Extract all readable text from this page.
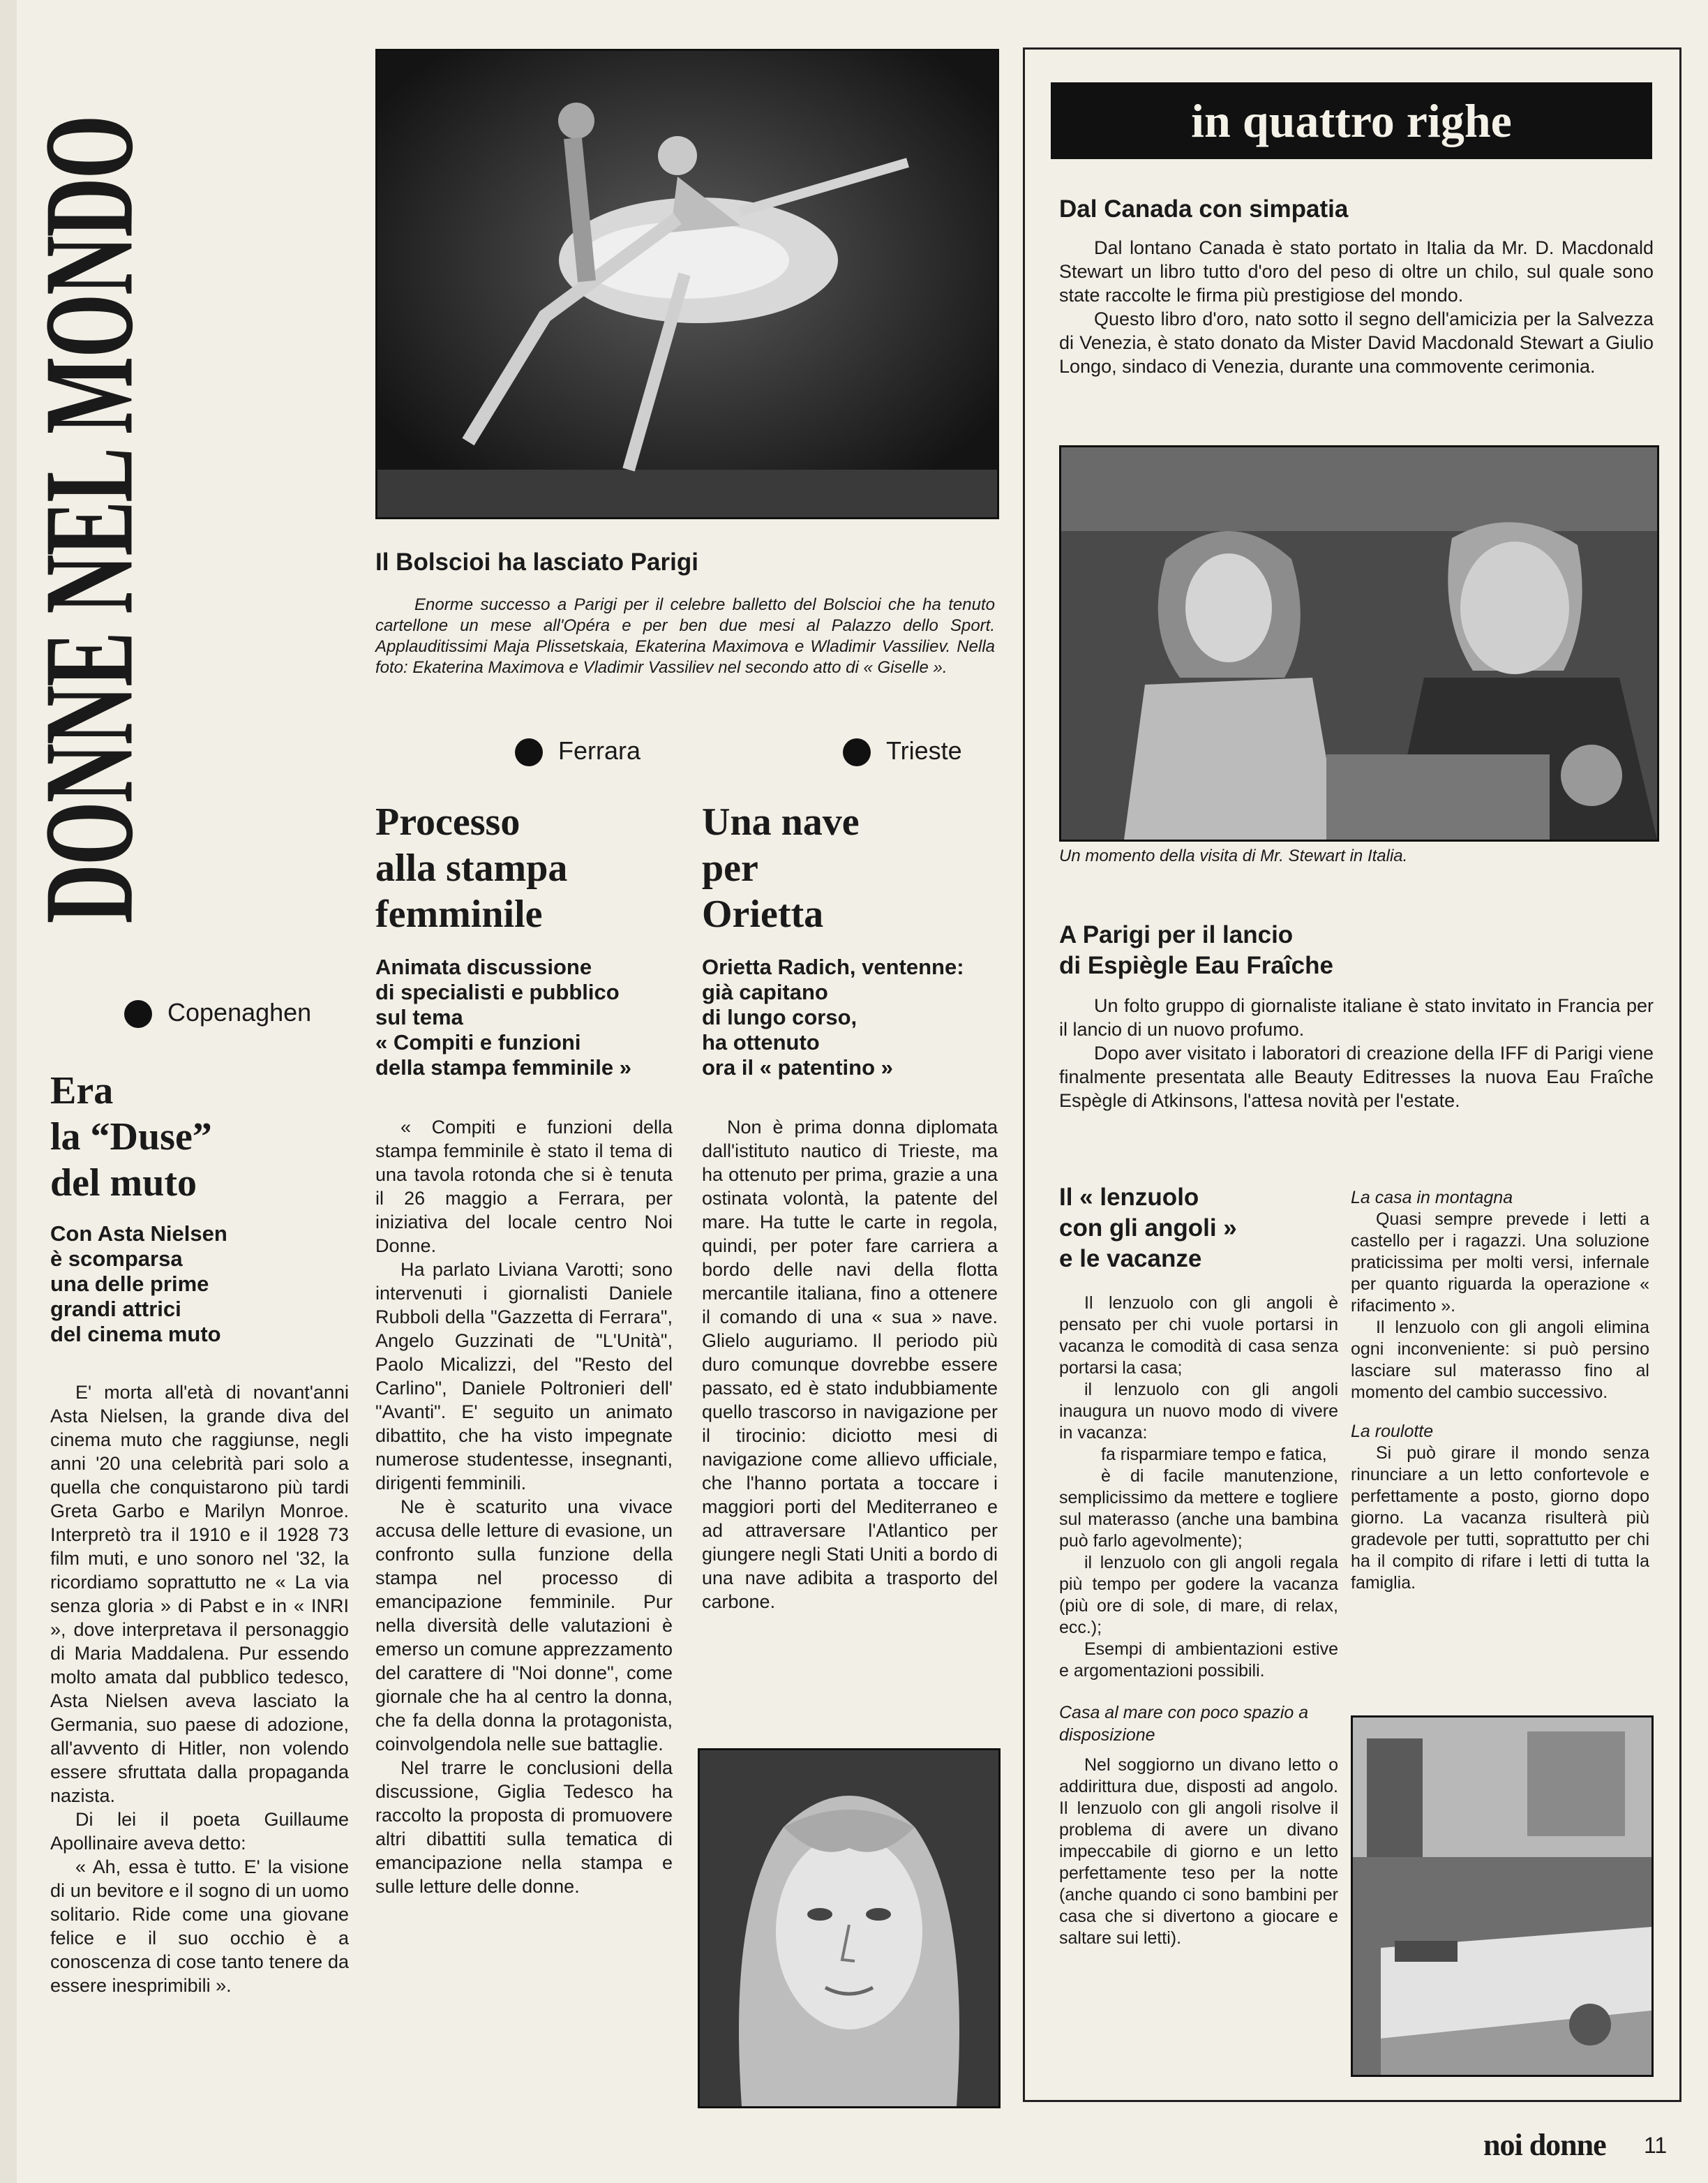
DONNE NEL MONDO
Copenaghen
Era
la “Duse”
del muto
Con Asta Nielsen
è scomparsa
una delle prime
grandi attrici
del cinema muto

E' morta all'età di novant'anni Asta Nielsen, la grande diva del cinema muto che raggiunse, negli anni '20 una celebrità pari solo a quella che conquistarono più tardi Greta Garbo e Marilyn Monroe. Interpretò tra il 1910 e il 1928 73 film muti, e uno sonoro nel '32, la ricordiamo soprattutto ne « La via senza gloria » di Pabst e in « INRI », dove interpretava il personaggio di Maria Maddalena. Pur essendo molto amata dal pubblico tedesco, Asta Nielsen aveva lasciato la Germania, suo paese di adozione, all'avvento di Hitler, non volendo essere sfruttata dalla propaganda nazista.

Di lei il poeta Guillaume Apollinaire aveva detto:

« Ah, essa è tutto. E' la visione di un bevitore e il sogno di un uomo solitario. Ride come una giovane felice e il suo occhio è a conoscenza di cose tanto tenere da essere inesprimibili ».

Il Bolscioi ha lasciato Parigi
Enorme successo a Parigi per il celebre balletto del Bolscioi che ha tenuto cartellone un mese all'Opéra e per ben due mesi al Palazzo dello Sport. Applauditissimi Maja Plissetskaia, Ekaterina Maximova e Wladimir Vassiliev. Nella foto: Ekaterina Maximova e Vladimir Vassiliev nel secondo atto di « Giselle ».
Ferrara	Trieste
Processo
alla stampa
femminile
Animata discussione
di specialisti e pubblico
sul tema
« Compiti e funzioni
della stampa femminile »

« Compiti e funzioni della stampa femminile è stato il tema di una tavola rotonda che si è tenuta il 26 maggio a Ferrara, per iniziativa del locale centro Noi Donne.

Ha parlato Liviana Varotti; sono intervenuti i giornalisti Daniele Rubboli della "Gazzetta di Ferrara", Angelo Guzzinati de "L'Unità", Paolo Micalizzi, del "Resto del Carlino", Daniele Poltronieri dell' "Avanti". E' seguito un animato dibattito, che ha visto impegnate numerose studentesse, insegnanti, dirigenti femminili.

Ne è scaturito una vivace accusa delle letture di evasione, un confronto sulla funzione della stampa nel processo di emancipazione femminile. Pur nella diversità delle valutazioni è emerso un comune apprezzamento del carattere di "Noi donne", come giornale che ha al centro la donna, che fa della donna la protagonista, coinvolgendola nelle sue battaglie.

Nel trarre le conclusioni della discussione, Giglia Tedesco ha raccolto la proposta di promuovere altri dibattiti sulla tematica di emancipazione nella stampa e sulle letture delle donne.

Una nave
per
Orietta
Orietta Radich, ventenne:
già capitano
di lungo corso,
ha ottenuto
ora il « patentino »

Non è prima donna diplomata dall'istituto nautico di Trieste, ma ha ottenuto per prima, grazie a una ostinata volontà, la patente del mare. Ha tutte le carte in regola, quindi, per poter fare carriera a bordo delle navi della flotta mercantile italiana, fino a ottenere il comando di una « sua » nave. Glielo auguriamo. Il periodo più duro comunque dovrebbe essere passato, ed è stato indubbiamente quello trascorso in navigazione per il tirocinio: diciotto mesi di navigazione come allievo ufficiale, che l'hanno portata a toccare i maggiori porti del Mediterraneo e ad attraversare l'Atlantico per giungere negli Stati Uniti a bordo di una nave adibita a trasporto del carbone.

in quattro righe
Dal Canada con simpatia

Dal lontano Canada è stato portato in Italia da Mr. D. Macdonald Stewart un libro tutto d'oro del peso di oltre un chilo, sul quale sono state raccolte le firma più prestigiose del mondo.

Questo libro d'oro, nato sotto il segno dell'amicizia per la Salvezza di Venezia, è stato donato da Mister David Macdonald Stewart a Giulio Longo, sindaco di Venezia, durante una commovente cerimonia.

Un momento della visita di Mr. Stewart in Italia.
A Parigi per il lancio
di Espiègle Eau Fraîche

Un folto gruppo di giornaliste italiane è stato invitato in Francia per il lancio di un nuovo profumo.

Dopo aver visitato i laboratori di creazione della IFF di Parigi viene finalmente presentata alle Beauty Editresses la nuova Eau Fraîche Espègle di Atkinsons, l'attesa novità per l'estate.

Il « lenzuolo
con gli angoli »
e le vacanze

Il lenzuolo con gli angoli è pensato per chi vuole portarsi in vacanza le comodità di casa senza portarsi la casa;

il lenzuolo con gli angoli inaugura un nuovo modo di vivere in vacanza:

fa risparmiare tempo e fatica,

è di facile manutenzione, semplicissimo da mettere e togliere sul materasso (anche una bambina può farlo agevolmente);

il lenzuolo con gli angoli regala più tempo per godere la vacanza (più ore di sole, di mare, di relax, ecc.);

Esempi di ambientazioni estive e argomentazioni possibili.

Casa al mare con poco spazio a disposizione

Nel soggiorno un divano letto o addirittura due, disposti ad angolo. Il lenzuolo con gli angoli risolve il problema di avere un divano impeccabile di giorno e un letto perfettamente teso per la notte (anche quando ci sono bambini per casa che si divertono a giocare e saltare sui letti).

La casa in montagna

Quasi sempre prevede i letti a castello per i ragazzi. Una soluzione praticissima per molti versi, infernale per quanto riguarda la operazione « rifacimento ».

Il lenzuolo con gli angoli elimina ogni inconveniente: si può persino lasciare sul materasso fino al momento del cambio successivo.

La roulotte

Si può girare il mondo senza rinunciare a un letto confortevole e perfettamente a posto, giorno dopo giorno. La vacanza risulterà più gradevole per tutti, soprattutto per chi ha il compito di rifare i letti di tutta la famiglia.

noi donne 11
